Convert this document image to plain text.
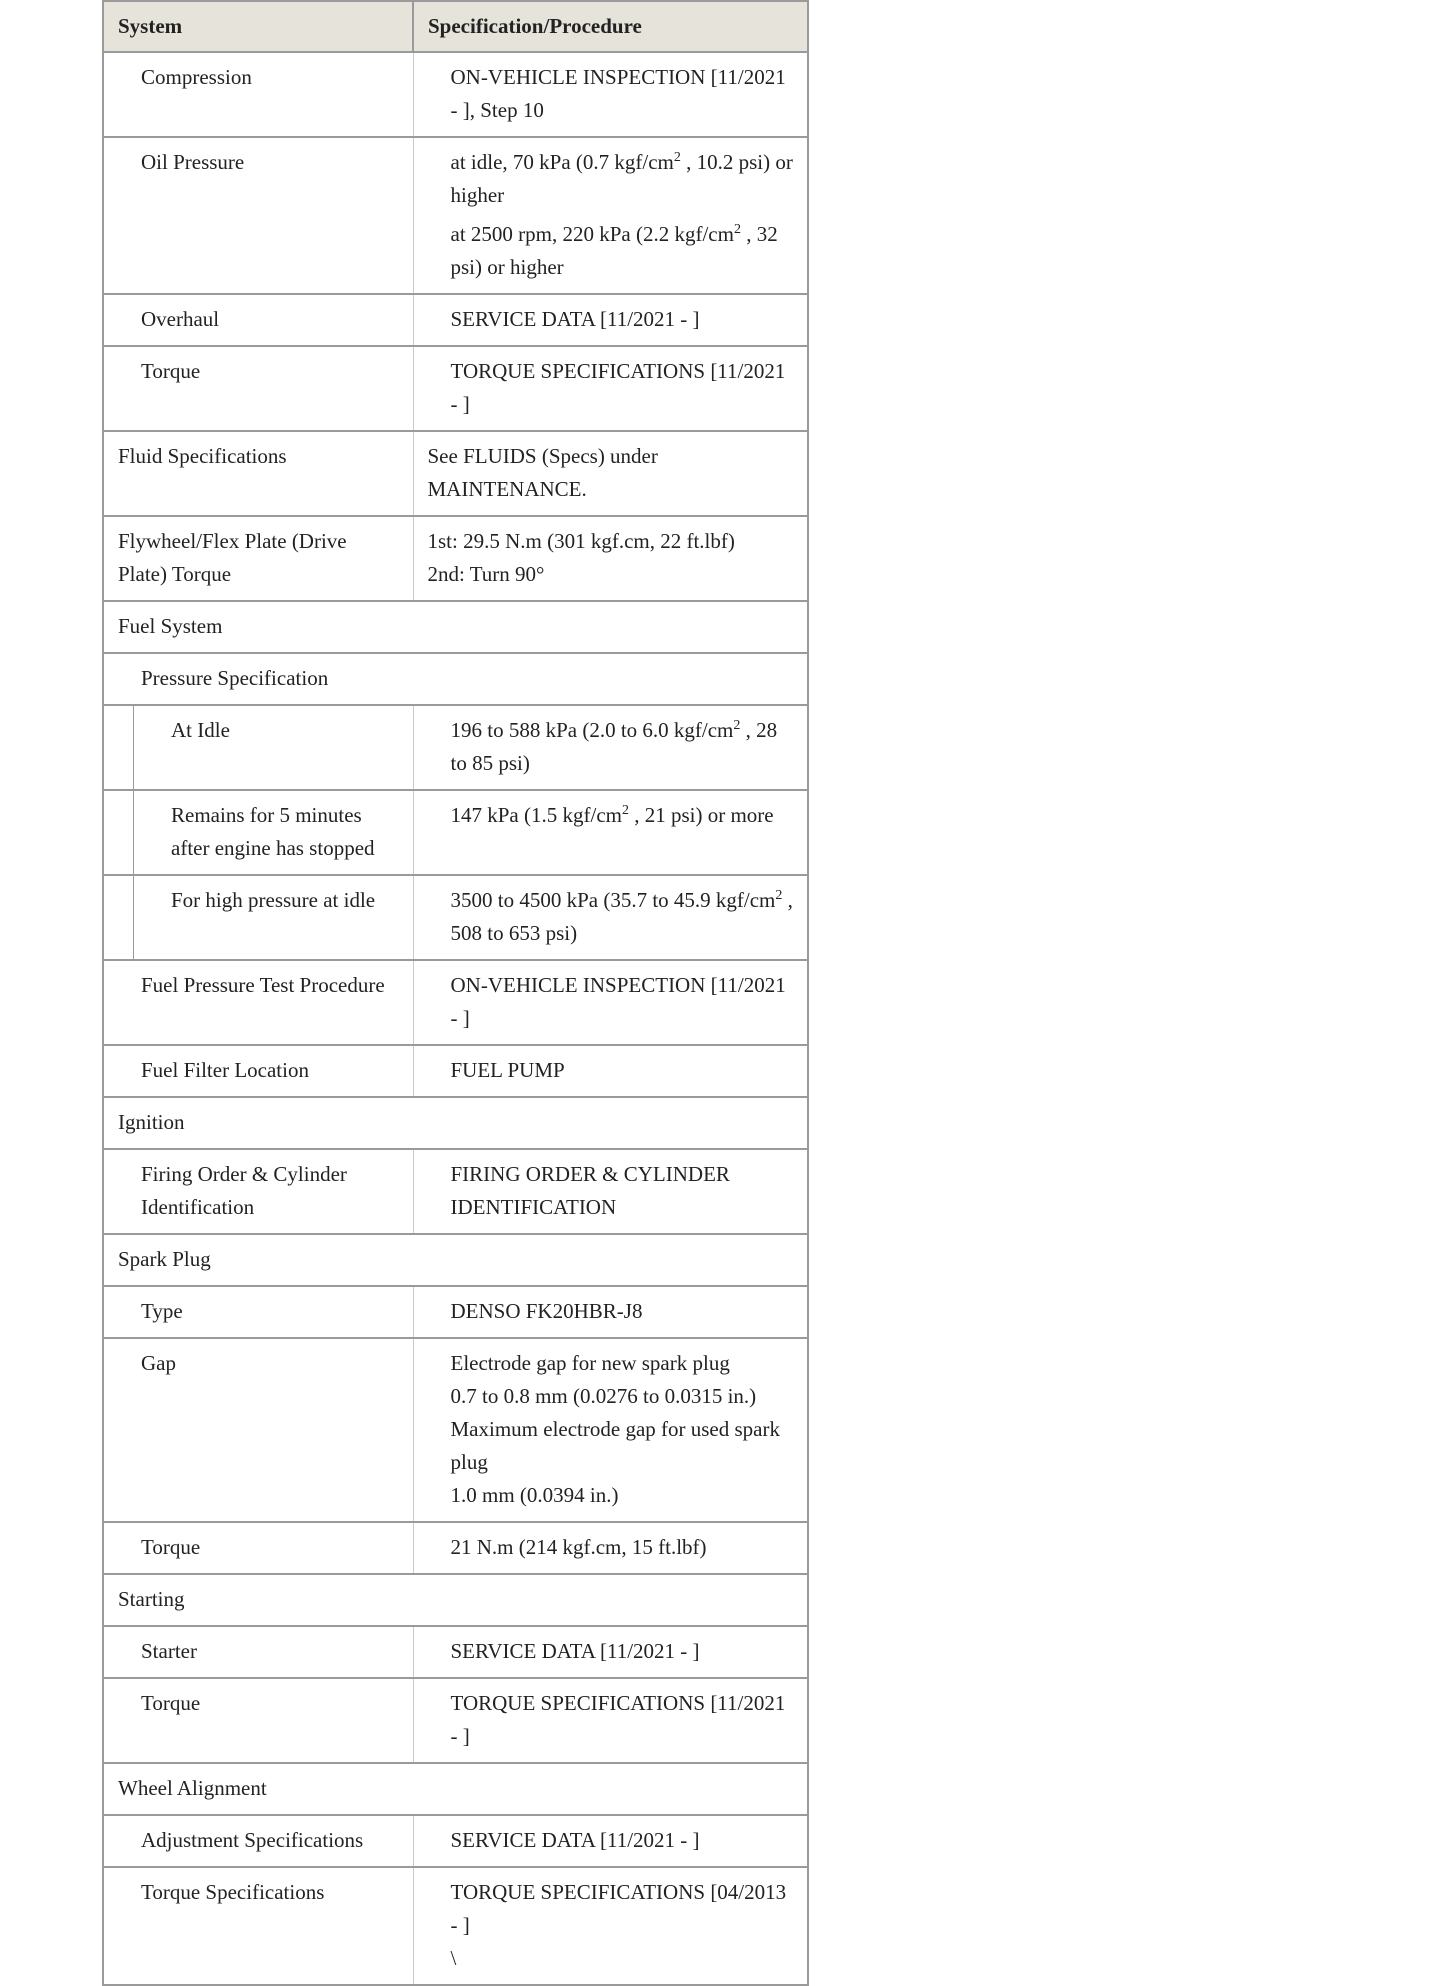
System	Specification/Procedure
Compression	ON-VEHICLE INSPECTION [11/2021 - ], Step 10
Oil Pressure	at idle, 70 kPa (0.7 kgf/$cm^2$ , 10.2 psi) or higher
at 2500 rpm, 220 kPa (2.2 kgf/$cm^2$ , 32 psi) or higher

Overhaul	SERVICE DATA [11/2021 - ]
Torque	TORQUE SPECIFICATIONS [11/2021 - ]
Fluid Specifications	See FLUIDS (Specs) under MAINTENANCE.
Flywheel/Flex Plate (Drive Plate) Torque	1st: 29.5 N.m (301 kgf.cm, 22 ft.lbf)
2nd: Turn 90°

Fuel System	
Pressure Specification	

At Idle	196 to 588 kPa (2.0 to 6.0 kgf/$cm^2$ , 28 to 85 psi)

Remains for 5 minutes after engine has stopped	147 kPa (1.5 kgf/$cm^2$ , 21 psi) or more

For high pressure at idle	3500 to 4500 kPa (35.7 to 45.9 kgf/$cm^2$ , 508 to 653 psi)
Fuel Pressure Test Procedure	ON-VEHICLE INSPECTION [11/2021 - ]
Fuel Filter Location	FUEL PUMP
Ignition	
Firing Order & Cylinder Identification	FIRING ORDER & CYLINDER IDENTIFICATION
Spark Plug	
Type	DENSO FK20HBR-J8
Gap	Electrode gap for new spark plug
0.7 to 0.8 mm (0.0276 to 0.0315 in.)
Maximum electrode gap for used spark plug
1.0 mm (0.0394 in.)

Torque	21 N.m (214 kgf.cm, 15 ft.lbf)
Starting	
Starter	SERVICE DATA [11/2021 - ]
Torque	TORQUE SPECIFICATIONS [11/2021 - ]
Wheel Alignment	
Adjustment Specifications	SERVICE DATA [11/2021 - ]
Torque Specifications	TORQUE SPECIFICATIONS [04/2013 - ]
\
